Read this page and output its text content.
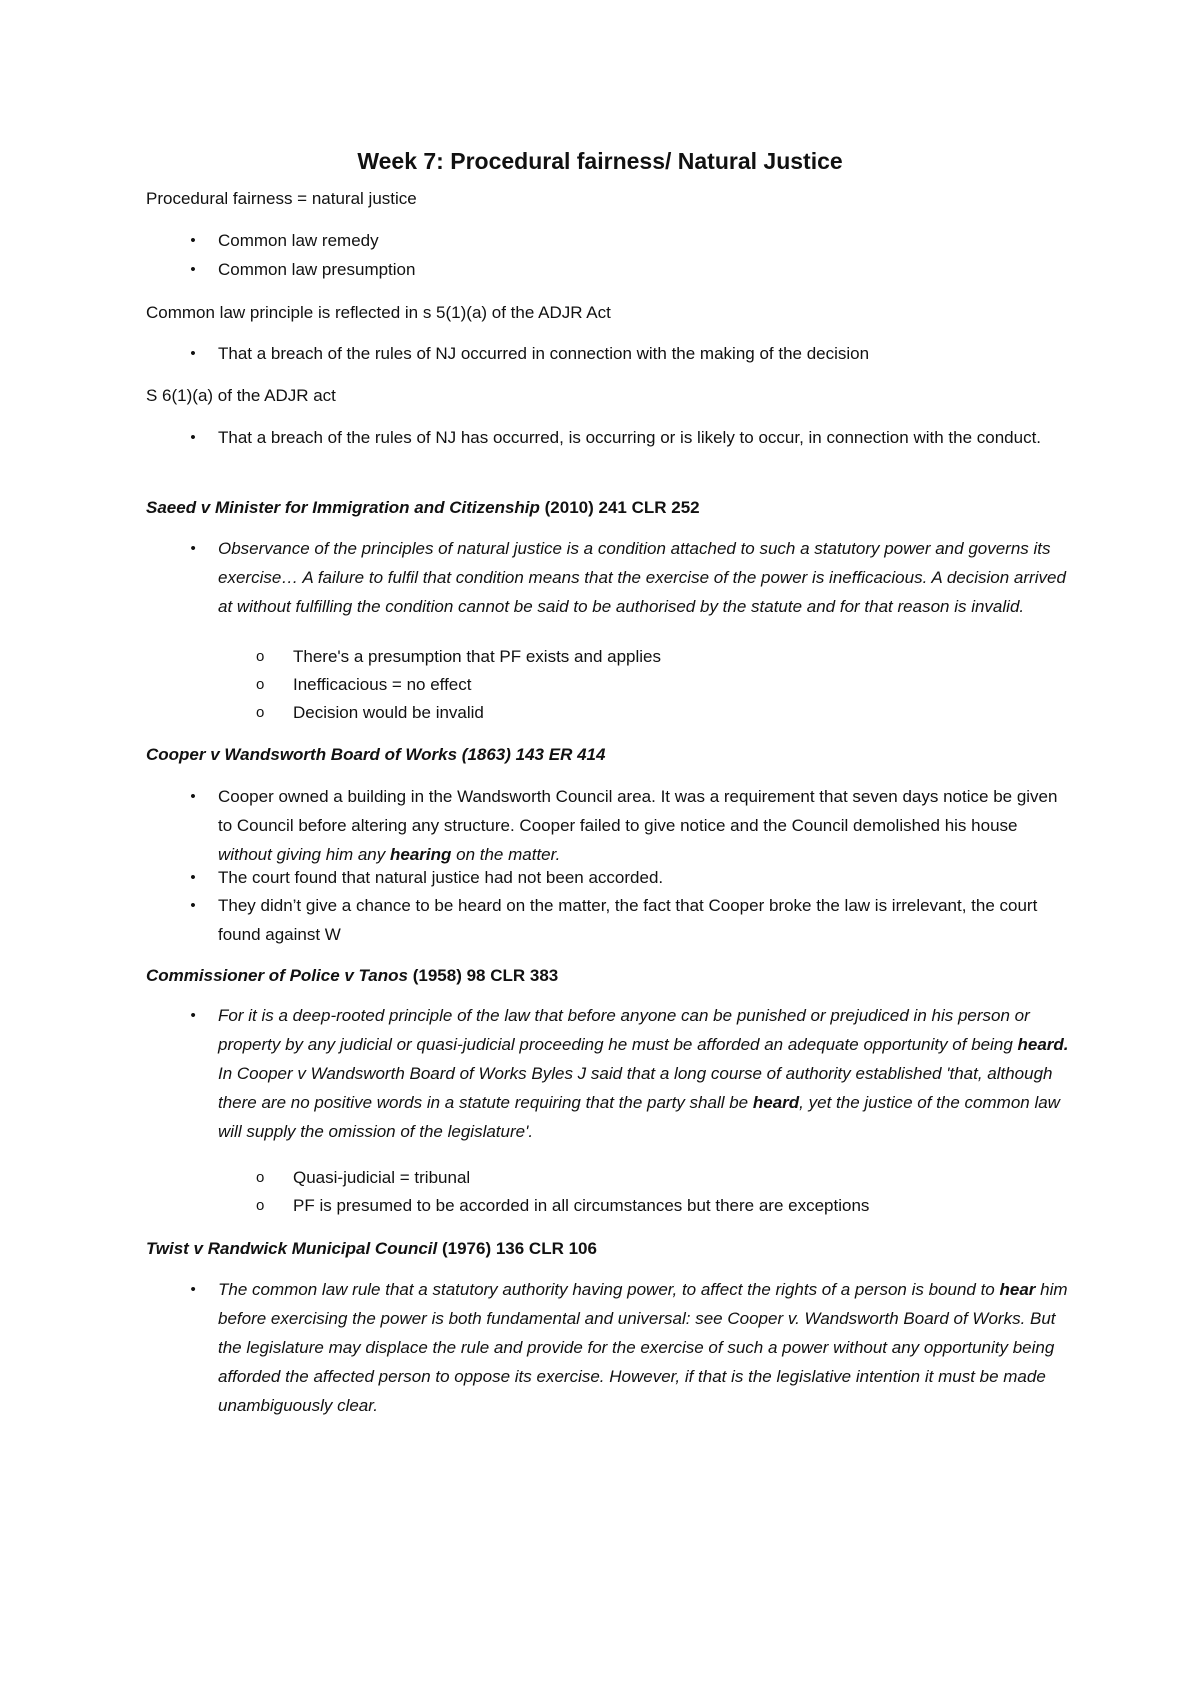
Week 7: Procedural fairness/ Natural Justice
Procedural fairness = natural justice
• Common law remedy
• Common law presumption
Common law principle is reflected in s 5(1)(a) of the ADJR Act
• That a breach of the rules of NJ occurred in connection with the making of the decision
S 6(1)(a) of the ADJR act
• That a breach of the rules of NJ has occurred, is occurring or is likely to occur, in connection with the conduct.
Saeed v Minister for Immigration and Citizenship (2010) 241 CLR 252
• Observance of the principles of natural justice is a condition attached to such a statutory power and governs its exercise… A failure to fulfil that condition means that the exercise of the power is inefficacious. A decision arrived at without fulfilling the condition cannot be said to be authorised by the statute and for that reason is invalid.
o There's a presumption that PF exists and applies
o Inefficacious = no effect
o Decision would be invalid
Cooper v Wandsworth Board of Works (1863) 143 ER 414
• Cooper owned a building in the Wandsworth Council area. It was a requirement that seven days notice be given to Council before altering any structure. Cooper failed to give notice and the Council demolished his house without giving him any hearing on the matter.
• The court found that natural justice had not been accorded.
• They didn’t give a chance to be heard on the matter, the fact that Cooper broke the law is irrelevant, the court found against W
Commissioner of Police v Tanos (1958) 98 CLR 383
• For it is a deep-rooted principle of the law that before anyone can be punished or prejudiced in his person or property by any judicial or quasi-judicial proceeding he must be afforded an adequate opportunity of being heard. In Cooper v Wandsworth Board of Works Byles J said that a long course of authority established 'that, although there are no positive words in a statute requiring that the party shall be heard, yet the justice of the common law will supply the omission of the legislature'.
o Quasi-judicial = tribunal
o PF is presumed to be accorded in all circumstances but there are exceptions
Twist v Randwick Municipal Council (1976) 136 CLR 106
• The common law rule that a statutory authority having power, to affect the rights of a person is bound to hear him before exercising the power is both fundamental and universal: see Cooper v. Wandsworth Board of Works. But the legislature may displace the rule and provide for the exercise of such a power without any opportunity being afforded the affected person to oppose its exercise. However, if that is the legislative intention it must be made unambiguously clear.
